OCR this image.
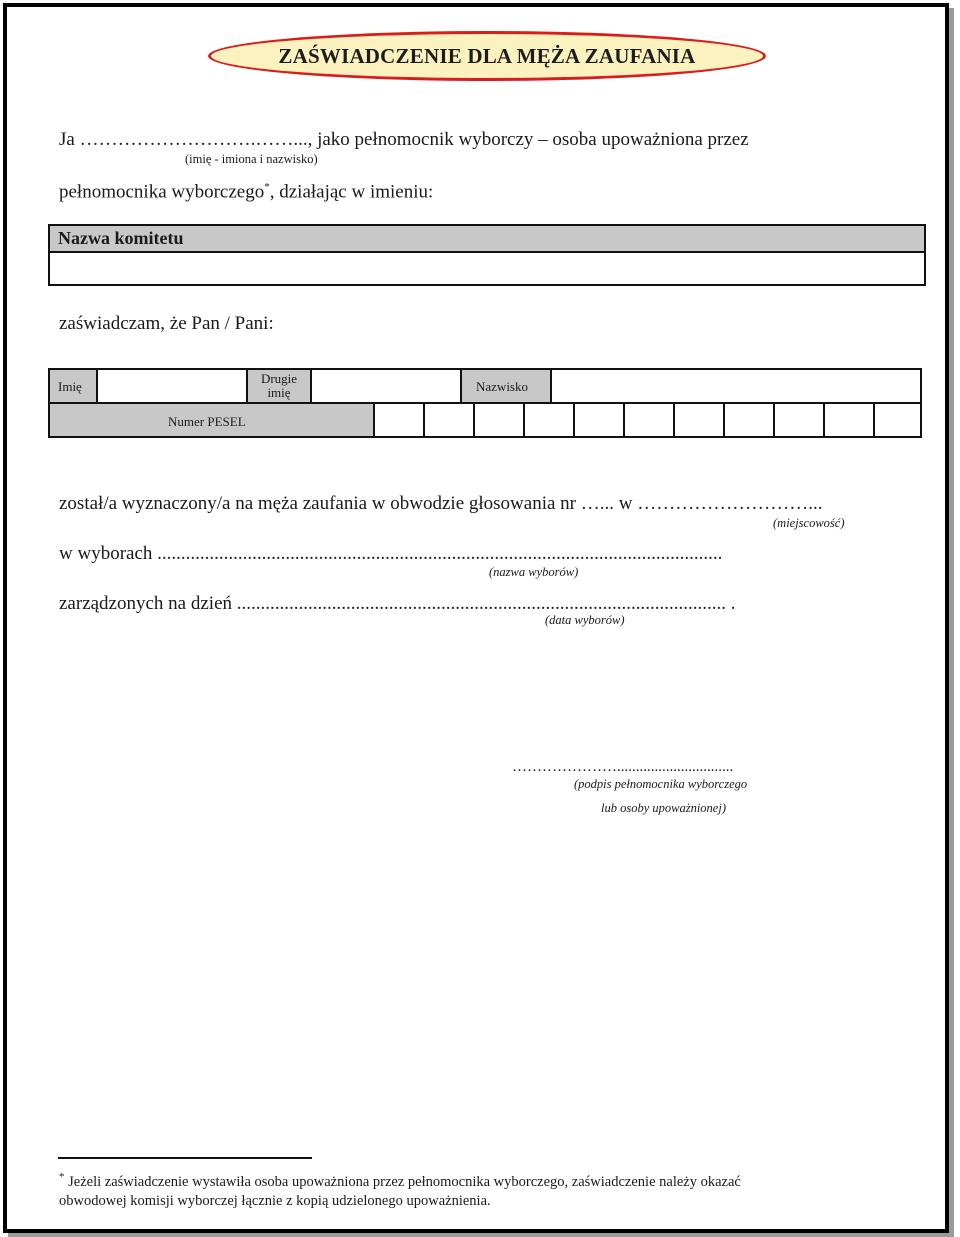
ZAŚWIADCZENIE DLA MĘŻA ZAUFANIA
Ja ……………………….……..., jako pełnomocnik wyborczy – osoba upoważniona przez
(imię - imiona i nazwisko)
pełnomocnika wyborczego*, działając w imieniu:
Nazwa komitetu
zaświadczam, że Pan / Pani:
Imię
Drugie
imię	Nazwisko
Numer PESEL
został/a wyznaczony/a na męża zaufania w obwodzie głosowania nr …... w ………………………...
(miejscowość)
w wyborach .......................................................................................................................
(nazwa wyborów)
zarządzonych na dzień ....................................................................................................... .
(data wyborów)
…………………...............................
(podpis pełnomocnika wyborczego
lub osoby upoważnionej)
* Jeżeli zaświadczenie wystawiła osoba upoważniona przez pełnomocnika wyborczego, zaświadczenie należy okazać
obwodowej komisji wyborczej łącznie z kopią udzielonego upoważnienia.
